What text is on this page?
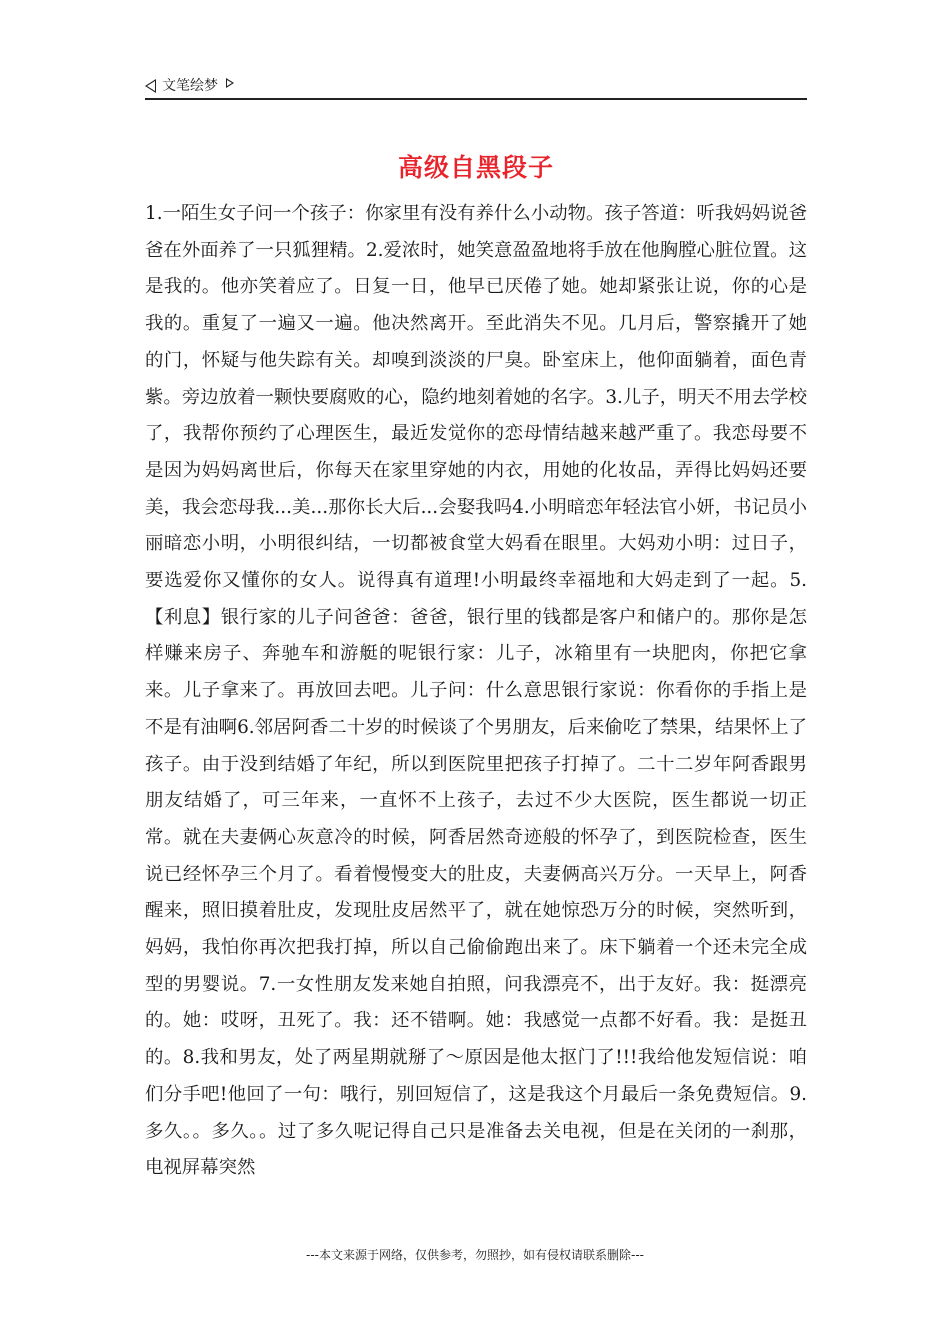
文笔绘梦
高级自黑段子

1.一陌生女子问一个孩子：你家里有没有养什么小动物。孩子答道：听我妈妈说爸爸在外面养了一只狐狸精。2.爱浓时，她笑意盈盈地将手放在他胸膛心脏位置。这是我的。他亦笑着应了。日复一日，他早已厌倦了她。她却紧张让说，你的心是我的。重复了一遍又一遍。他决然离开。至此消失不见。几月后，警察撬开了她的门，怀疑与他失踪有关。却嗅到淡淡的尸臭。卧室床上，他仰面躺着，面色青紫。旁边放着一颗快要腐败的心，隐约地刻着她的名字。3.儿子，明天不用去学校了，我帮你预约了心理医生，最近发觉你的恋母情结越来越严重了。我恋母要不是因为妈妈离世后，你每天在家里穿她的内衣，用她的化妆品，弄得比妈妈还要美，我会恋母我...美...那你长大后...会娶我吗4.小明暗恋年轻法官小妍，书记员小丽暗恋小明，小明很纠结，一切都被食堂大妈看在眼里。大妈劝小明：过日子，要选爱你又懂你的女人。说得真有道理!小明最终幸福地和大妈走到了一起。5.【利息】银行家的儿子问爸爸：爸爸，银行里的钱都是客户和储户的。那你是怎样赚来房子、奔驰车和游艇的呢银行家：儿子，冰箱里有一块肥肉，你把它拿来。儿子拿来了。再放回去吧。儿子问：什么意思银行家说：你看你的手指上是不是有油啊6.邻居阿香二十岁的时候谈了个男朋友，后来偷吃了禁果，结果怀上了孩子。由于没到结婚了年纪，所以到医院里把孩子打掉了。二十二岁年阿香跟男朋友结婚了，可三年来，一直怀不上孩子，去过不少大医院，医生都说一切正常。就在夫妻俩心灰意冷的时候，阿香居然奇迹般的怀孕了，到医院检查，医生说已经怀孕三个月了。看着慢慢变大的肚皮，夫妻俩高兴万分。一天早上，阿香醒来，照旧摸着肚皮，发现肚皮居然平了，就在她惊恐万分的时候，突然听到，妈妈，我怕你再次把我打掉，所以自己偷偷跑出来了。床下躺着一个还未完全成型的男婴说。7.一女性朋友发来她自拍照，问我漂亮不，出于友好。我：挺漂亮的。她：哎呀，丑死了。我：还不错啊。她：我感觉一点都不好看。我：是挺丑的。8.我和男友，处了两星期就掰了～原因是他太抠门了!!!我给他发短信说：咱们分手吧!他回了一句：哦行，别回短信了，这是我这个月最后一条免费短信。9.多久。。多久。。过了多久呢记得自己只是准备去关电视，但是在关闭的一刹那，电视屏幕突然

---本文来源于网络，仅供参考，勿照抄，如有侵权请联系删除---
